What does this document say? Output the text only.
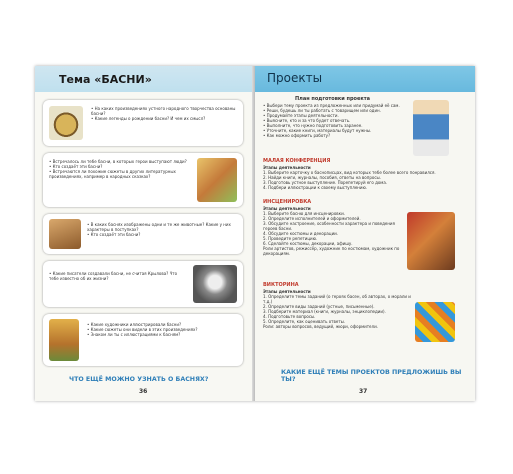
Тема «БАСНИ»
• На каких произведениях устного народного творчества основаны басни?
• Какие легенды о рождении басни? И чем их смысл?
• Встречалось ли тебе басни, в которых герои выступают люди?
• Кто создаёт эти басни?
• Встречаются ли похожие сюжеты в других литературных произведениях, например в народных сказках?
• В каких баснях изображены одни и те же животные? Какие у них характеры в поступках?
• Кто создаёт эти басни?
• Какие писатели создавали басни, не считая Крылова? Что тебе известно об их жизни?
• Какие художники иллюстрировали басни?
• Какие сюжеты они видели в этих произведениях?
• Знаком ли ты с иллюстрациями к басням?
ЧТО ЕЩЁ МОЖНО УЗНАТЬ О БАСНЯХ?
36
Проекты
План подготовки проекта
• Выбери тему проекта из предложенных или придумай её сам.
• Реши, будешь ли ты работать с товарищем или один.
• Продумайте этапы деятельности.
• Выясните, кто и за что будет отвечать.
• Выполните, что нужно подготовить заранее.
• Уточните, какие книги, материалы будут нужны.
• Как можно оформить работу?
МАЛАЯ КОНФЕРЕНЦИЯ
Этапы деятельности
1. Выберите карточку о баснописцах, вид которых тебе более всего понравился.
2. Найди книги, журналы, пособия, ответы на вопросы.
3. Подготовь устное выступление. Порепетируй его дома.
4. Подбери иллюстрации к своему выступлению.
ИНСЦЕНИРОВКА
Этапы деятельности
1. Выберите басню для инсценировки.
2. Определите исполнителей и оформителей.
3. Обсудите настроение, особенности характера и поведения героев басни.
4. Обсудите костюмы и декорации.
5. Проведите репетицию.
6. Сделайте костюмы, декорации, афишу.
Роли артистов, режиссёр, художник по костюмам, художник по декорациям.
ВИКТОРИНА
Этапы деятельности
1. Определите темы заданий (о героях басен, об авторах, о морали и т.д.)
2. Определите виды заданий (устные, письменные).
3. Подберите материал (книги, журналы, энциклопедии).
4. Подготовьте вопросы.
5. Определите, как оценивать ответы.
Роли: авторы вопросов, ведущий, жюри, оформители.
КАКИЕ ЕЩЁ ТЕМЫ ПРОЕКТОВ ПРЕДЛОЖИШЬ ВЫ ТЫ?
37
